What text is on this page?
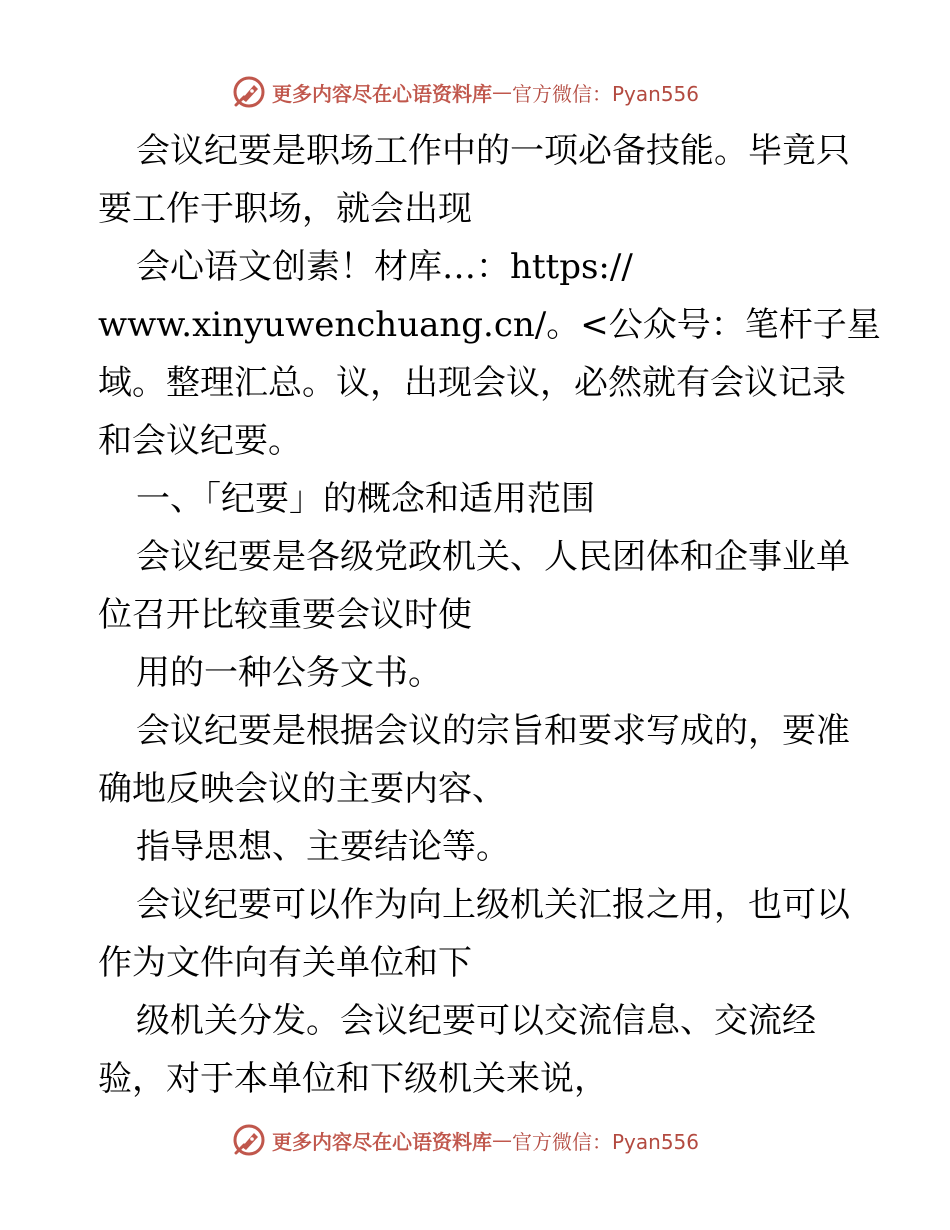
更多内容尽在心语资料库 — 官方微信：Pyan556
会议纪要是职场工作中的一项必备技能。毕竟只
要工作于职场，就会出现
会心语文创素！材库…：https://
www.xinyuwenchuang.cn/。<公众号：笔杆子星
域。整理汇总。议，出现会议，必然就有会议记录
和会议纪要。
一、「纪要」的概念和适用范围
会议纪要是各级党政机关、人民团体和企事业单
位召开比较重要会议时使
用的一种公务文书。
会议纪要是根据会议的宗旨和要求写成的，要准
确地反映会议的主要内容、
指导思想、主要结论等。
会议纪要可以作为向上级机关汇报之用，也可以
作为文件向有关单位和下
级机关分发。会议纪要可以交流信息、交流经
验，对于本单位和下级机关来说，
更多内容尽在心语资料库 — 官方微信：Pyan556
